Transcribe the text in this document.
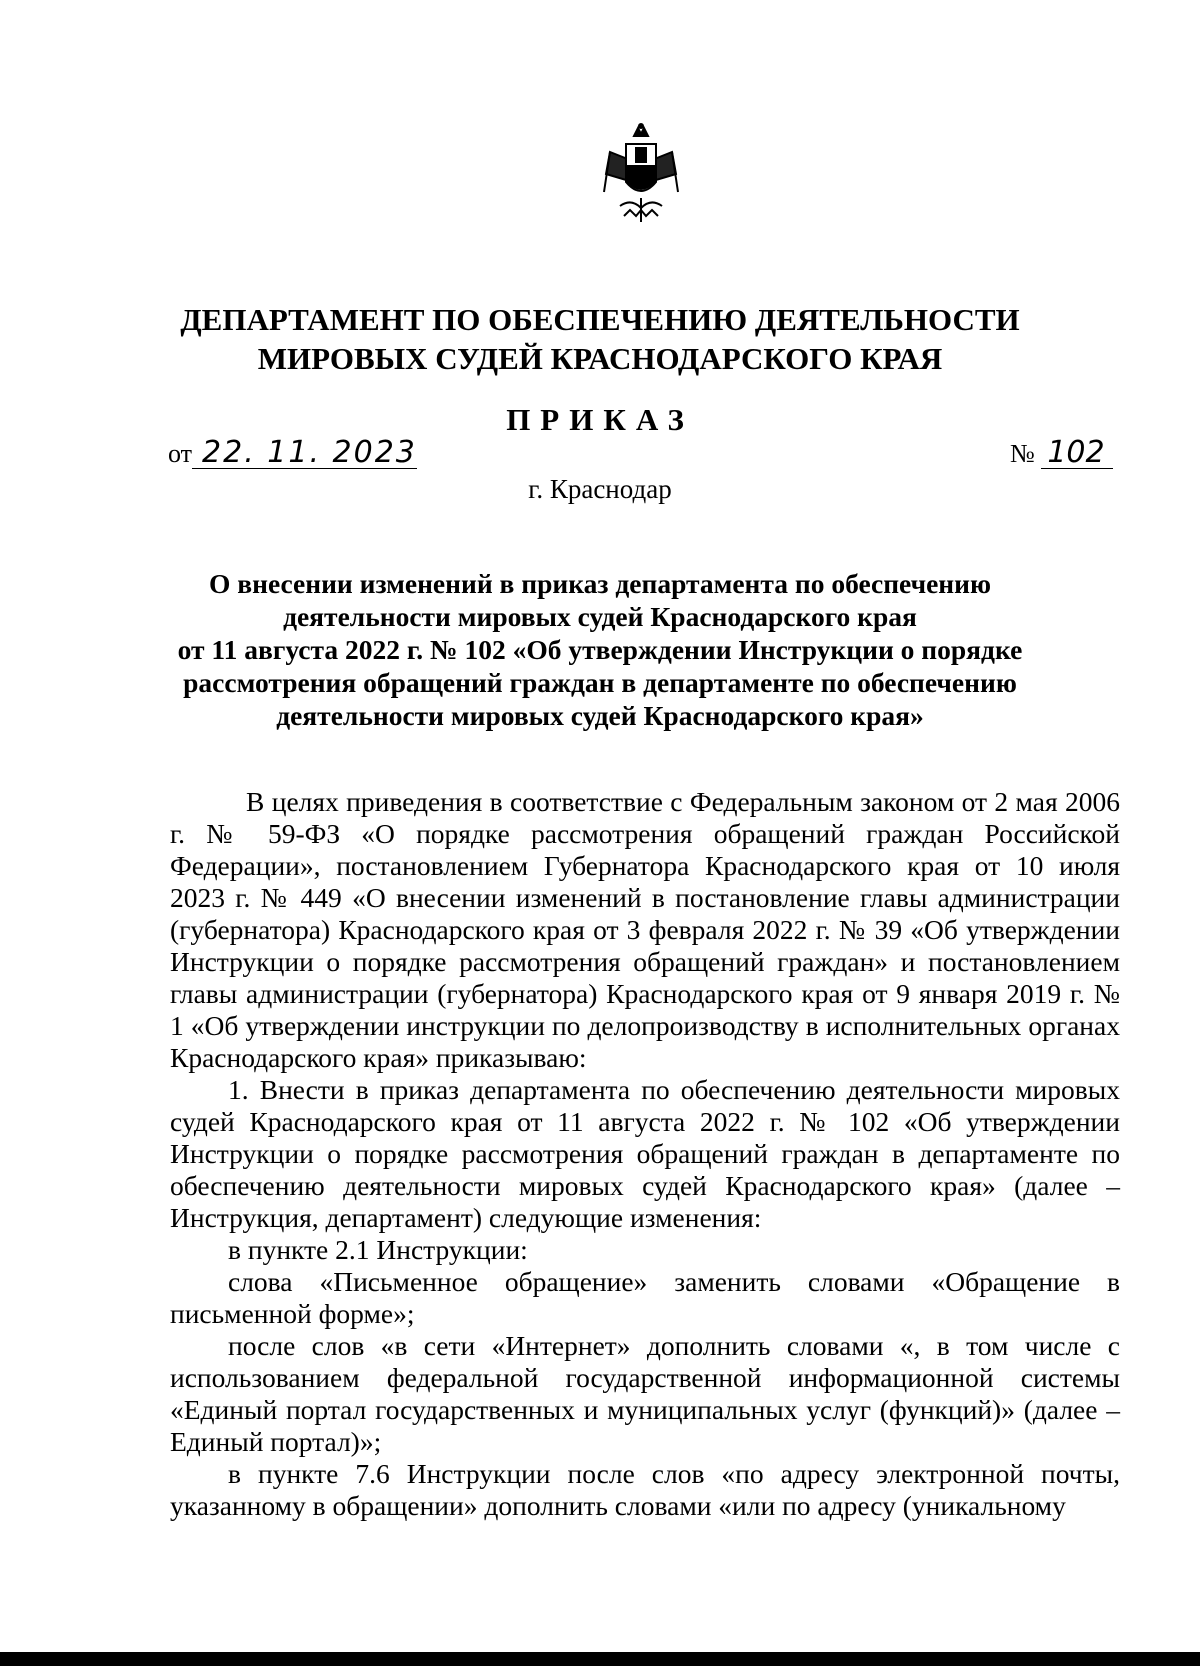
ДЕПАРТАМЕНТ ПО ОБЕСПЕЧЕНИЮ ДЕЯТЕЛЬНОСТИ
МИРОВЫХ СУДЕЙ КРАСНОДАРСКОГО КРАЯ
ПРИКАЗ
от 22. 11. 2023	№ 102
г. Краснодар
О внесении изменений в приказ департамента по обеспечению
деятельности мировых судей Краснодарского края
от 11 августа 2022 г. № 102 «Об утверждении Инструкции о порядке
рассмотрения обращений граждан в департаменте по обеспечению
деятельности мировых судей Краснодарского края»

В целях приведения в соответствие с Федеральным законом от 2 мая 2006 г. № 59-ФЗ «О порядке рассмотрения обращений граждан Российской Федерации», постановлением Губернатора Краснодарского края от 10 июля 2023 г. № 449 «О внесении изменений в постановление главы администрации (губернатора) Краснодарского края от 3 февраля 2022 г. № 39 «Об утверждении Инструкции о порядке рассмотрения обращений граждан» и постановлением главы администрации (губернатора) Краснодарского края от 9 января 2019 г. № 1 «Об утверждении инструкции по делопроизводству в исполнительных органах Краснодарского края» приказываю:

1. Внести в приказ департамента по обеспечению деятельности мировых судей Краснодарского края от 11 августа 2022 г. № 102 «Об утверждении Инструкции о порядке рассмотрения обращений граждан в департаменте по обеспечению деятельности мировых судей Краснодарского края» (далее – Инструкция, департамент) следующие изменения:

в пункте 2.1 Инструкции:

слова «Письменное обращение» заменить словами «Обращение в письменной форме»;

после слов «в сети «Интернет» дополнить словами «, в том числе с использованием федеральной государственной информационной системы «Единый портал государственных и муниципальных услуг (функций)» (далее – Единый портал)»;

в пункте 7.6 Инструкции после слов «по адресу электронной почты, указанному в обращении» дополнить словами «или по адресу (уникальному
